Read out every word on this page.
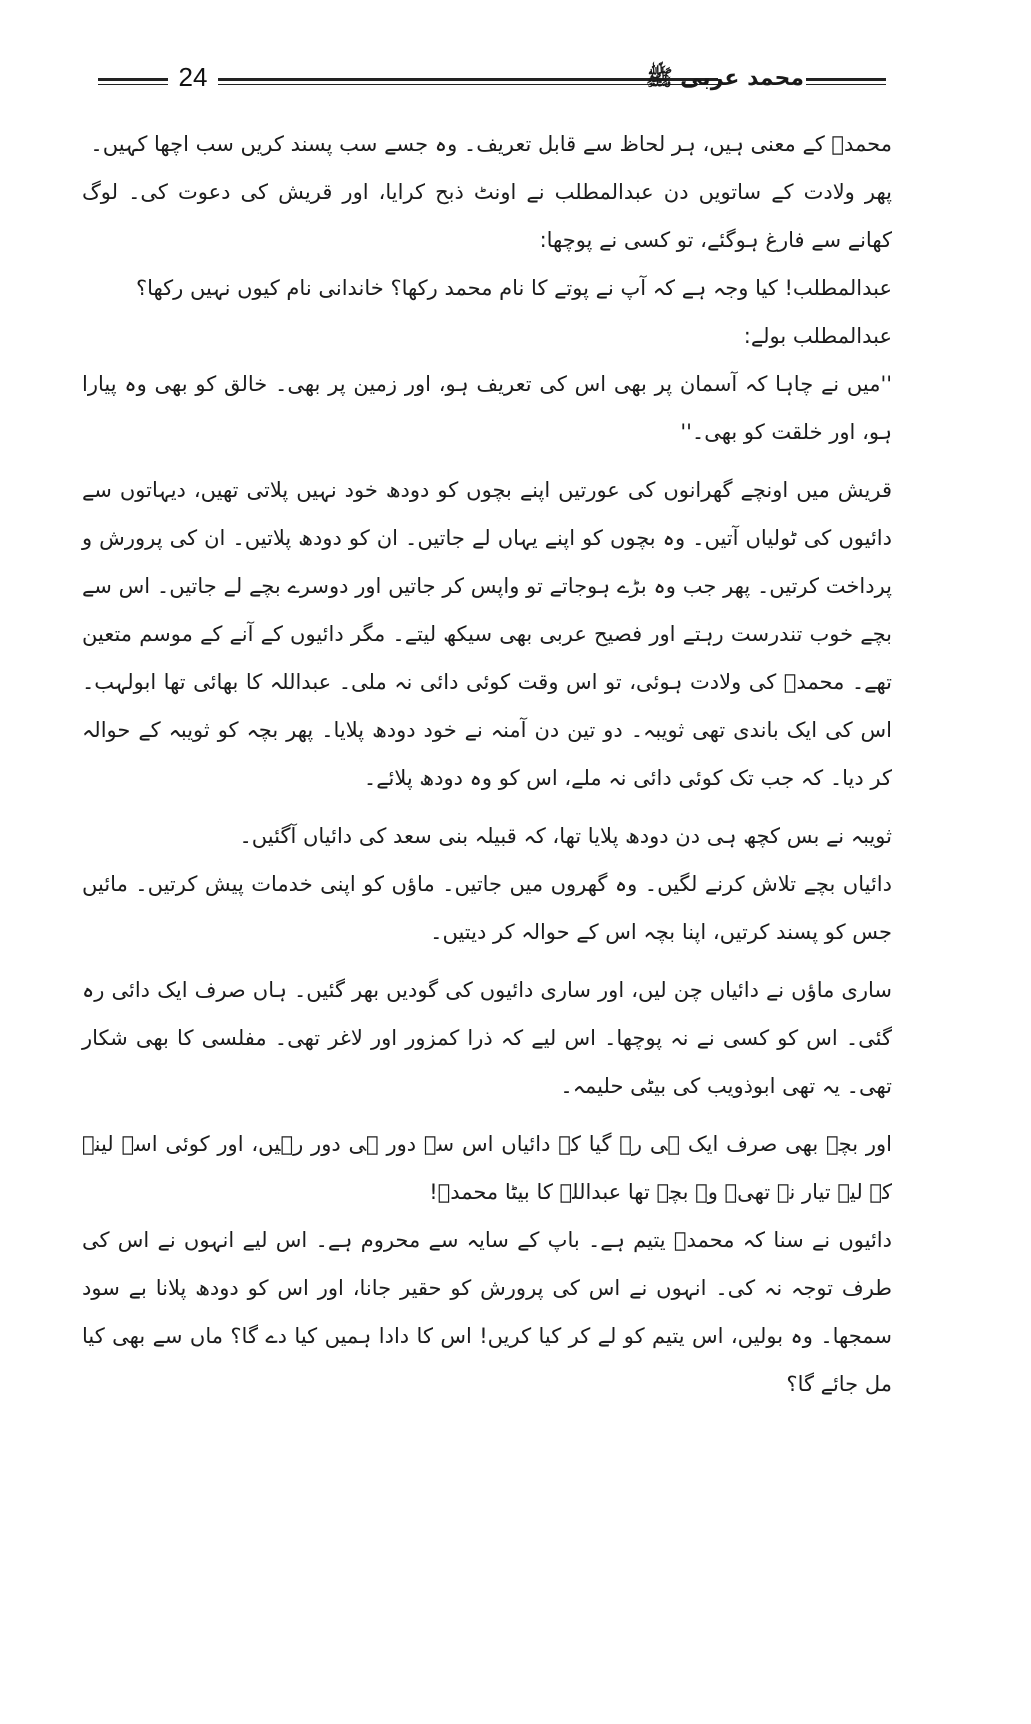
24	محمد عربی ﷺ

محمدؐ کے معنی ہیں، ہر لحاظ سے قابل تعریف۔ وہ جسے سب پسند کریں سب اچھا کہیں۔

پھر ولادت کے ساتویں دن عبدالمطلب نے اونٹ ذبح کرایا، اور قریش کی دعوت کی۔ لوگ کھانے سے فارغ ہوگئے، تو کسی نے پوچھا:

عبدالمطلب! کیا وجہ ہے کہ آپ نے پوتے کا نام محمد رکھا؟ خاندانی نام کیوں نہیں رکھا؟

عبدالمطلب بولے:

''میں نے چاہا کہ آسمان پر بھی اس کی تعریف ہو، اور زمین پر بھی۔ خالق کو بھی وہ پیارا ہو، اور خلقت کو بھی۔''

قریش میں اونچے گھرانوں کی عورتیں اپنے بچوں کو دودھ خود نہیں پلاتی تھیں، دیہاتوں سے دائیوں کی ٹولیاں آتیں۔ وہ بچوں کو اپنے یہاں لے جاتیں۔ ان کو دودھ پلاتیں۔ ان کی پرورش و پرداخت کرتیں۔ پھر جب وہ بڑے ہوجاتے تو واپس کر جاتیں اور دوسرے بچے لے جاتیں۔ اس سے بچے خوب تندرست رہتے اور فصیح عربی بھی سیکھ لیتے۔ مگر دائیوں کے آنے کے موسم متعین تھے۔ محمدؐ کی ولادت ہوئی، تو اس وقت کوئی دائی نہ ملی۔ عبداللہ کا بھائی تھا ابولہب۔ اس کی ایک باندی تھی ثویبہ۔ دو تین دن آمنہ نے خود دودھ پلایا۔ پھر بچہ کو ثویبہ کے حوالہ کر دیا۔ کہ جب تک کوئی دائی نہ ملے، اس کو وہ دودھ پلائے۔

ثویبہ نے بس کچھ ہی دن دودھ پلایا تھا، کہ قبیلہ بنی سعد کی دائیاں آگئیں۔

دائیاں بچے تلاش کرنے لگیں۔ وہ گھروں میں جاتیں۔ ماؤں کو اپنی خدمات پیش کرتیں۔ مائیں جس کو پسند کرتیں، اپنا بچہ اس کے حوالہ کر دیتیں۔

ساری ماؤں نے دائیاں چن لیں، اور ساری دائیوں کی گودیں بھر گئیں۔ ہاں صرف ایک دائی رہ گئی۔ اس کو کسی نے نہ پوچھا۔ اس لیے کہ ذرا کمزور اور لاغر تھی۔ مفلسی کا بھی شکار تھی۔ یہ تھی ابوذویب کی بیٹی حلیمہ۔

اور بچہ بھی صرف ایک ہی رہ گیا کہ دائیاں اس سے دور ہی دور رہیں، اور کوئی اسے لینے کے لیے تیار نہ تھی۔ وہ بچہ تھا عبداللہ کا بیٹا محمدؐ!

دائیوں نے سنا کہ محمدؐ یتیم ہے۔ باپ کے سایہ سے محروم ہے۔ اس لیے انہوں نے اس کی طرف توجہ نہ کی۔ انہوں نے اس کی پرورش کو حقیر جانا، اور اس کو دودھ پلانا بے سود سمجھا۔ وہ بولیں، اس یتیم کو لے کر کیا کریں! اس کا دادا ہمیں کیا دے گا؟ ماں سے بھی کیا مل جائے گا؟
